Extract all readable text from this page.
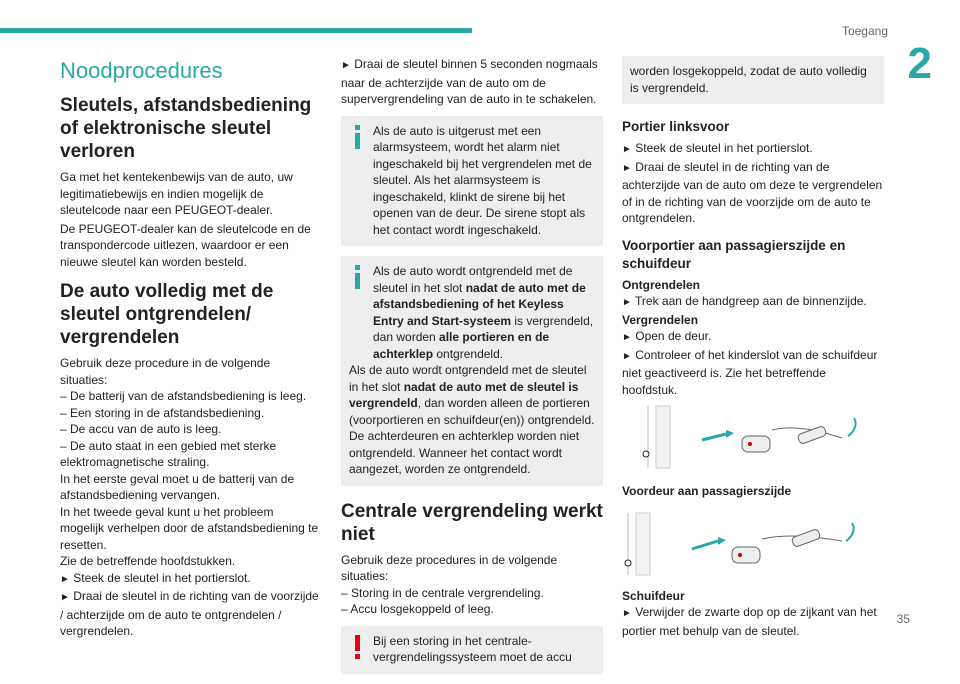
Toegang
2
Noodprocedures
Sleutels, afstandsbediening of elektronische sleutel verloren

Ga met het kentekenbewijs van de auto, uw legitimatiebewijs en indien mogelijk de sleutelcode naar een PEUGEOT-dealer.

De PEUGEOT-dealer kan de sleutelcode en de transpondercode uitlezen, waardoor er een nieuwe sleutel kan worden besteld.

De auto volledig met de sleutel ontgrendelen/ vergrendelen

Gebruik deze procedure in de volgende situaties:

– De batterij van de afstandsbediening is leeg.

– Een storing in de afstandsbediening.

– De accu van de auto is leeg.

– De auto staat in een gebied met sterke elektromagnetische straling.

In het eerste geval moet u de batterij van de afstandsbediening vervangen.

In het tweede geval kunt u het probleem mogelijk verhelpen door de afstandsbediening te resetten.

Zie de betreffende hoofdstukken.

► Steek de sleutel in het portierslot.

► Draai de sleutel in de richting van de voorzijde / achterzijde om de auto te ontgrendelen / vergrendelen.

► Draai de sleutel binnen 5 seconden nogmaals naar de achterzijde van de auto om de supervergrendeling van de auto in te schakelen.

Als de auto is uitgerust met een alarmsysteem, wordt het alarm niet ingeschakeld bij het vergrendelen met de sleutel. Als het alarmsysteem is ingeschakeld, klinkt de sirene bij het openen van de deur. De sirene stopt als het contact wordt ingeschakeld.
Als de auto wordt ontgrendeld met de sleutel in het slot nadat de auto met de afstandsbediening of het Keyless Entry and Start-systeem is vergrendeld, dan worden alle portieren en de achterklep ontgrendeld.
Als de auto wordt ontgrendeld met de sleutel in het slot nadat de auto met de sleutel is vergrendeld, dan worden alleen de portieren (voorportieren en schuifdeur(en)) ontgrendeld.
De achterdeuren en achterklep worden niet ontgrendeld. Wanneer het contact wordt aangezet, worden ze ontgrendeld.
Centrale vergrendeling werkt niet

Gebruik deze procedures in de volgende situaties:

– Storing in de centrale vergrendeling.

– Accu losgekoppeld of leeg.

Bij een storing in het centrale-vergrendelingssysteem moet de accu
worden losgekoppeld, zodat de auto volledig is vergrendeld.
Portier linksvoor

► Steek de sleutel in het portierslot.

► Draai de sleutel in de richting van de achterzijde van de auto om deze te vergrendelen of in de richting van de voorzijde om de auto te ontgrendelen.

Voorportier aan passagierszijde en schuifdeur

Ontgrendelen

► Trek aan de handgreep aan de binnenzijde.

Vergrendelen

► Open de deur.

► Controleer of het kinderslot van de schuifdeur niet geactiveerd is. Zie het betreffende hoofdstuk.

Voordeur aan passagierszijde

Schuifdeur

► Verwijder de zwarte dop op de zijkant van het portier met behulp van de sleutel.

35
